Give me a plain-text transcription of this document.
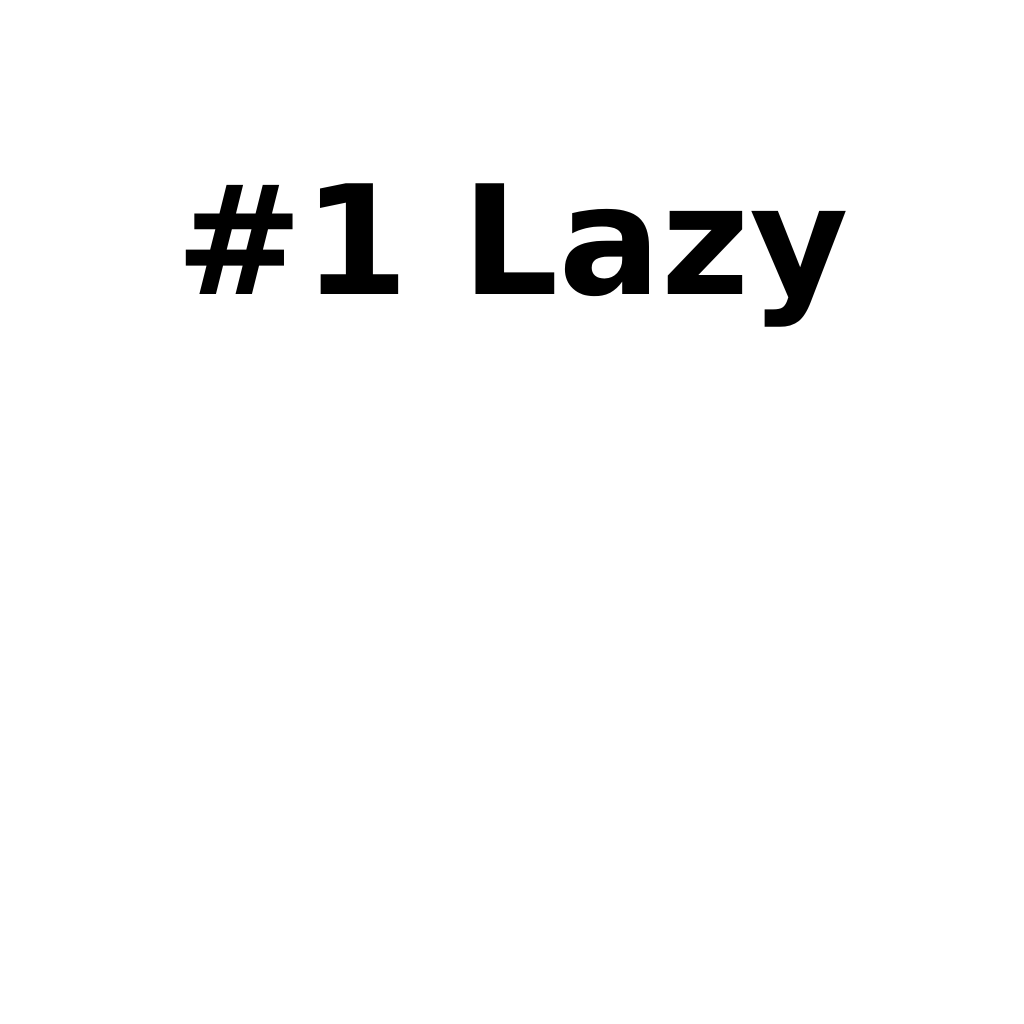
#1 Lazy
